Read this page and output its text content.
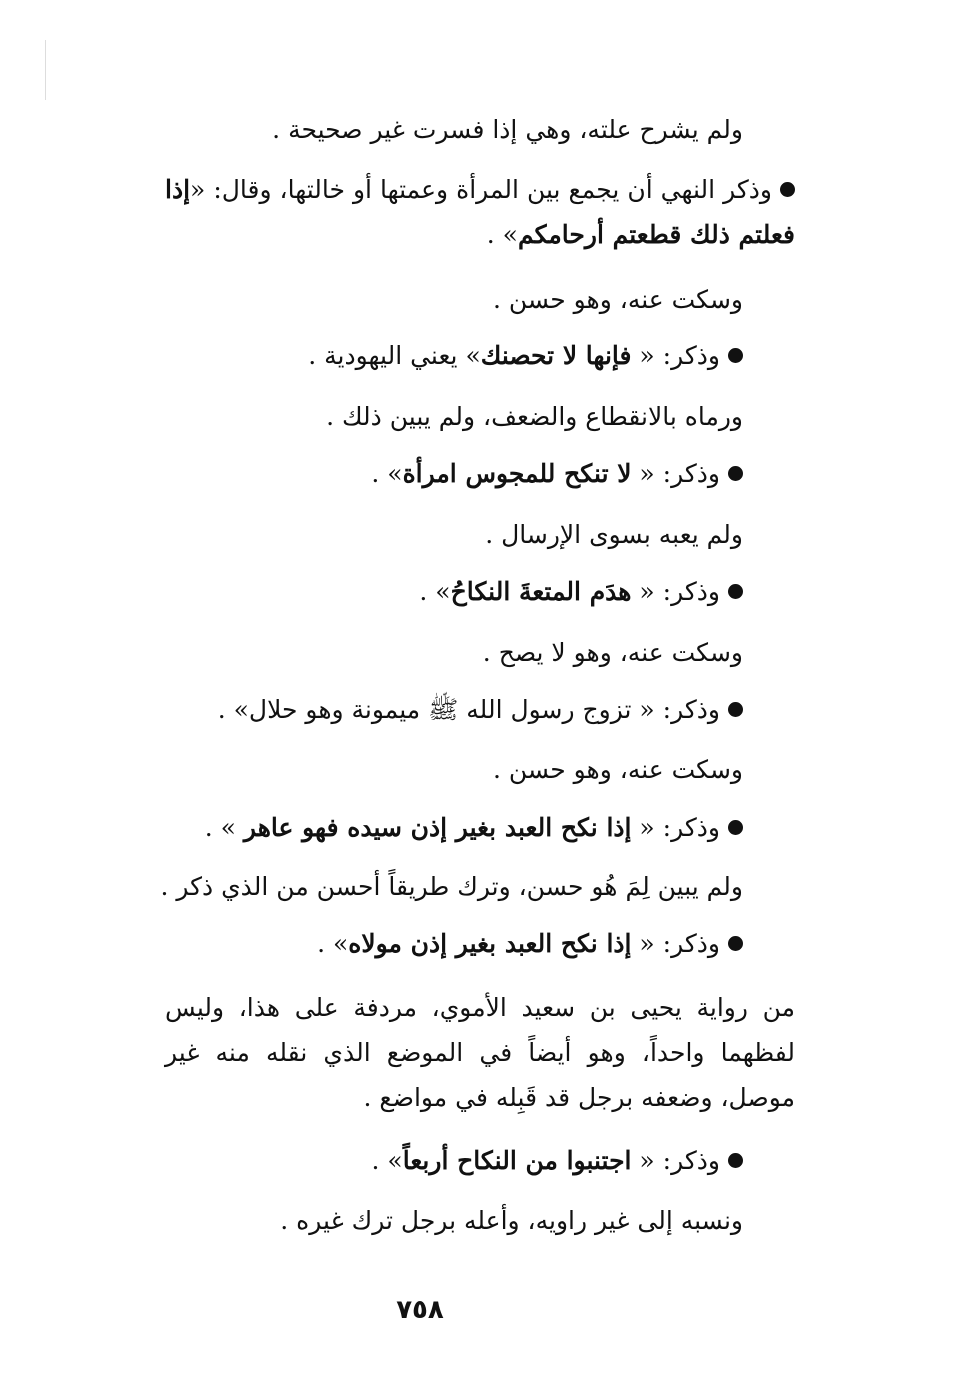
ولم يشرح علته، وهي إذا فسرت غير صحيحة .
وذكر النهي أن يجمع بين المرأة وعمتها أو خالتها، وقال: «إذا فعلتم ذلك قطعتم أرحامكم» .
وسكت عنه، وهو حسن .
وذكر: « فإنها لا تحصنك» يعني اليهودية .
ورماه بالانقطاع والضعف، ولم يبين ذلك .
وذكر: « لا تنكح للمجوس امرأة» .
ولم يعبه بسوى الإرسال .
وذكر: « هدَم المتعةَ النكاحُ» .
وسكت عنه، وهو لا يصح .
وذكر: « تزوج رسول الله ﷺ ميمونة وهو حلال» .
وسكت عنه، وهو حسن .
وذكر: « إذا نكح العبد بغير إذن سيده فهو عاهر » .
ولم يبين لِمَ هُو حسن، وترك طريقاً أحسن من الذي ذكر .
وذكر: « إذا نكح العبد بغير إذن مولاه» .
من رواية يحيى بن سعيد الأموي، مردفة على هذا، وليس لفظهما واحداً، وهو أيضاً في الموضع الذي نقله منه غير موصل، وضعفه برجل قد قَبِله في مواضع .
وذكر: « اجتنبوا من النكاح أربعاً» .
ونسبه إلى غير راويه، وأعله برجل ترك غيره .
٧٥٨
